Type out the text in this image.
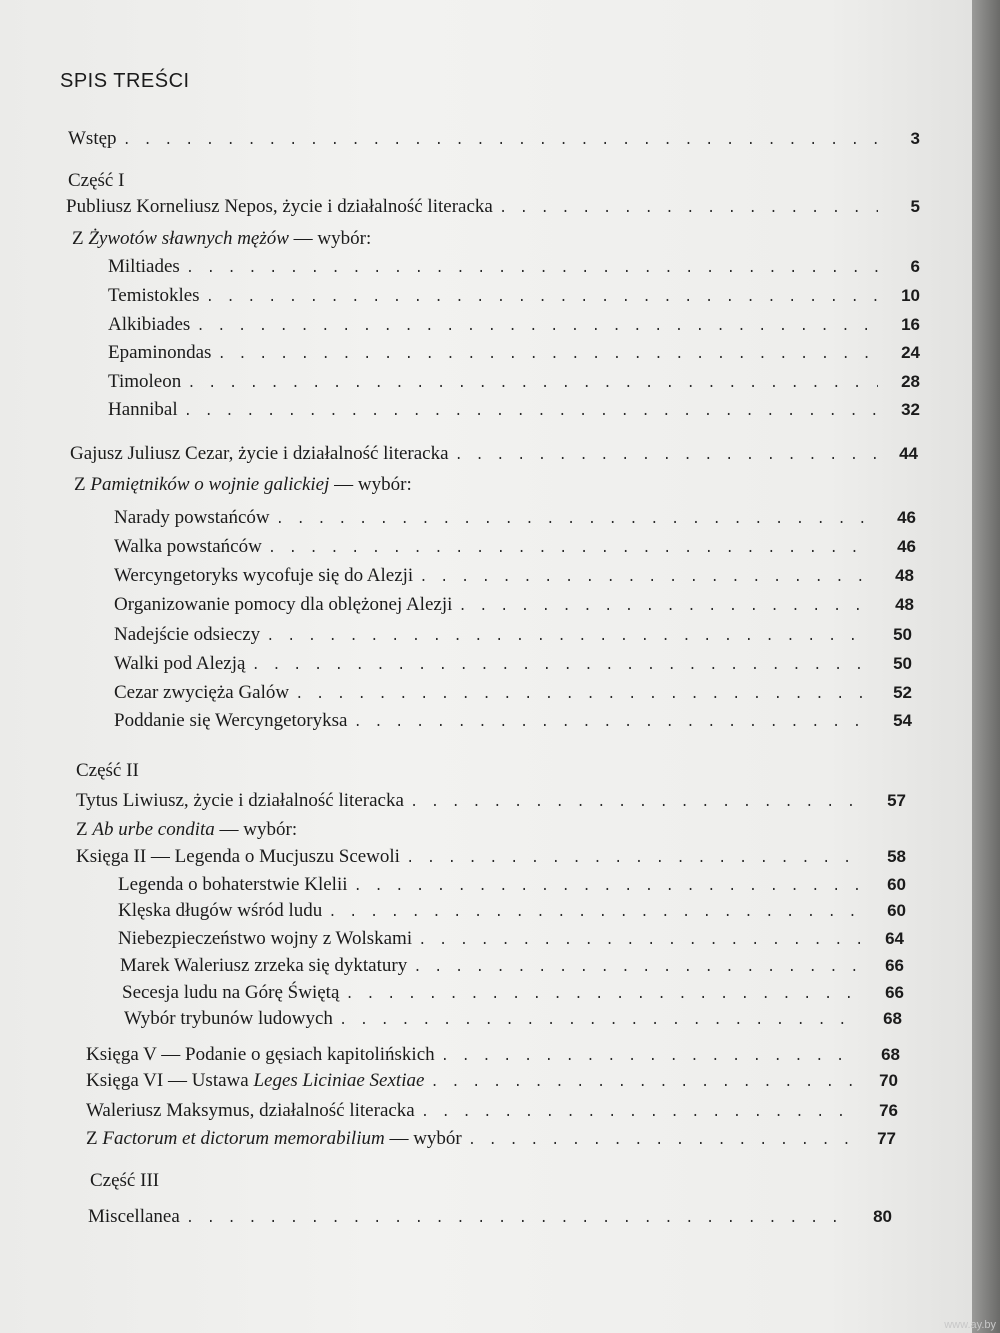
SPIS TREŚCI
Wstęp . . .	3
Część I
Publiusz Korneliusz Nepos, życie i działalność literacka . . .	5
Z Żywotów sławnych mężów — wybór:
Miltiades . . .	6
Temistokles . . .	10
Alkibiades . . .	16
Epaminondas . . .	24
Timoleon . . .	28
Hannibal . . .	32
Gajusz Juliusz Cezar, życie i działalność literacka . . .	44
Z Pamiętników o wojnie galickiej — wybór:
Narady powstańców . . .	46
Walka powstańców . . .	46
Wercyngetoryks wycofuje się do Alezji . . .	48
Organizowanie pomocy dla oblężonej Alezji . . .	48
Nadejście odsieczy . . .	50
Walki pod Alezją . . .	50
Cezar zwycięża Galów . . .	52
Poddanie się Wercyngetoryksa . . .	54
Część II
Tytus Liwiusz, życie i działalność literacka . . .	57
Z Ab urbe condita — wybór:
Księga II — Legenda o Mucjuszu Scewoli . . .	58
Legenda o bohaterstwie Klelii . . .	60
Klęska długów wśród ludu . . .	60
Niebezpieczeństwo wojny z Wolskami . . .	64
Marek Waleriusz zrzeka się dyktatury . . .	66
Secesja ludu na Górę Świętą . . .	66
Wybór trybunów ludowych . . .	68
Księga V — Podanie o gęsiach kapitolińskich . . .	68
Księga VI — Ustawa Leges Liciniae Sextiae . . .	70
Waleriusz Maksymus, działalność literacka . . .	76
Z Factorum et dictorum memorabilium — wybór . . .	77
Część III
Miscellanea . . .	80
www.ay.by
